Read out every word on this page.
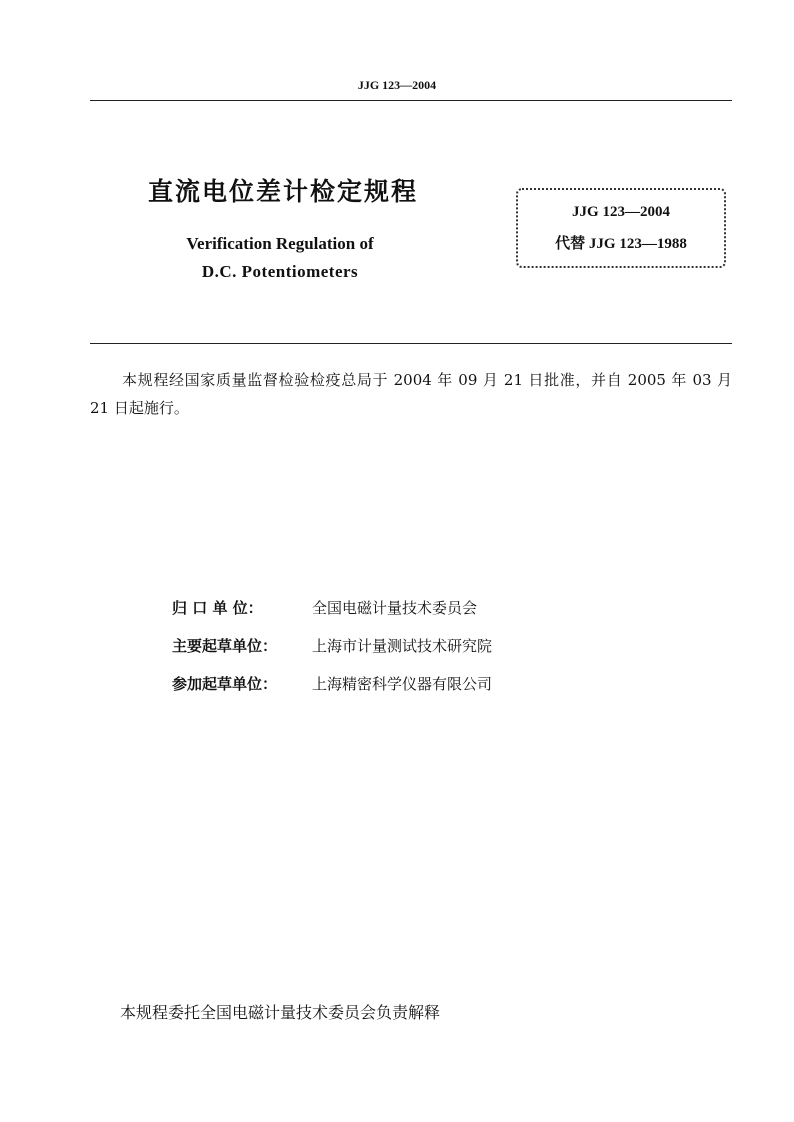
JJG 123—2004
直流电位差计检定规程
Verification Regulation of
D.C. Potentiometers
JJG 123—2004
代替 JJG 123—1988
本规程经国家质量监督检验检疫总局于 2004 年 09 月 21 日批准，并自 2005 年 03 月 21 日起施行。
归 口 单 位：	全国电磁计量技术委员会
主要起草单位： 上海市计量测试技术研究院
参加起草单位： 上海精密科学仪器有限公司
本规程委托全国电磁计量技术委员会负责解释
